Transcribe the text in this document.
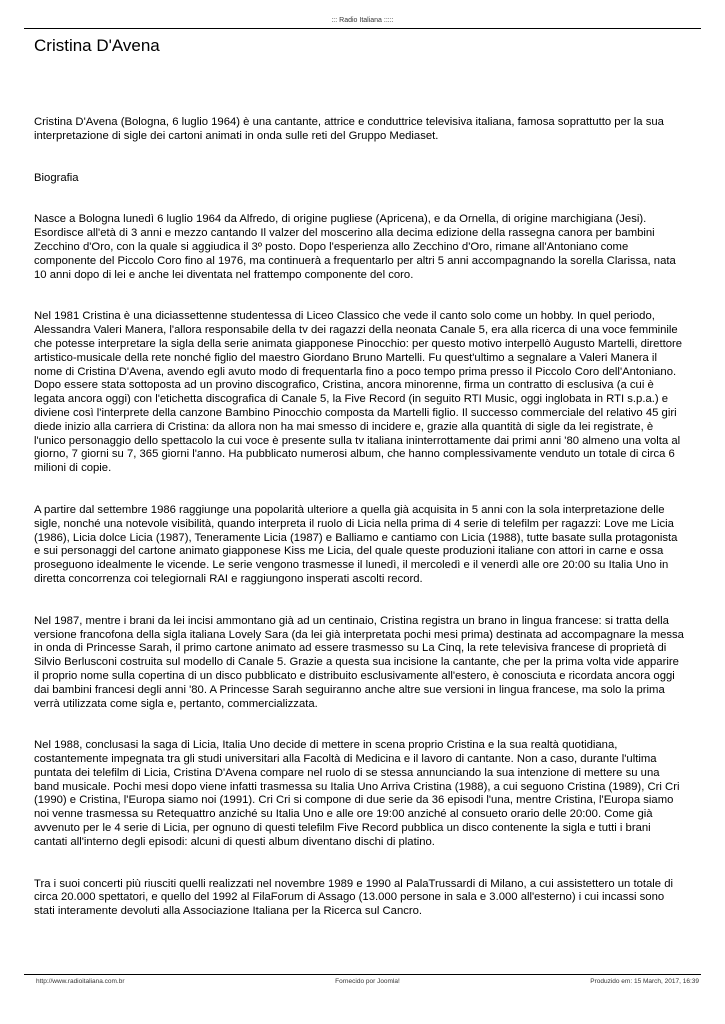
::: Radio Italiana :::::
Cristina D'Avena

Cristina D'Avena (Bologna, 6 luglio 1964) è una cantante, attrice e conduttrice televisiva italiana, famosa soprattutto per la sua interpretazione di sigle dei cartoni animati in onda sulle reti del Gruppo Mediaset.

Biografia

Nasce a Bologna lunedì 6 luglio 1964 da Alfredo, di origine pugliese (Apricena), e da Ornella, di origine marchigiana (Jesi). Esordisce all'età di 3 anni e mezzo cantando Il valzer del moscerino alla decima edizione della rassegna canora per bambini Zecchino d'Oro, con la quale si aggiudica il 3º posto. Dopo l'esperienza allo Zecchino d'Oro, rimane all'Antoniano come componente del Piccolo Coro fino al 1976, ma continuerà a frequentarlo per altri 5 anni accompagnando la sorella Clarissa, nata 10 anni dopo di lei e anche lei diventata nel frattempo componente del coro.

Nel 1981 Cristina è una diciassettenne studentessa di Liceo Classico che vede il canto solo come un hobby. In quel periodo, Alessandra Valeri Manera, l'allora responsabile della tv dei ragazzi della neonata Canale 5, era alla ricerca di una voce femminile che potesse interpretare la sigla della serie animata giapponese Pinocchio: per questo motivo interpellò Augusto Martelli, direttore artistico-musicale della rete nonché figlio del maestro Giordano Bruno Martelli. Fu quest'ultimo a segnalare a Valeri Manera il nome di Cristina D'Avena, avendo egli avuto modo di frequentarla fino a poco tempo prima presso il Piccolo Coro dell'Antoniano. Dopo essere stata sottoposta ad un provino discografico, Cristina, ancora minorenne, firma un contratto di esclusiva (a cui è legata ancora oggi) con l'etichetta discografica di Canale 5, la Five Record (in seguito RTI Music, oggi inglobata in RTI s.p.a.) e diviene così l'interprete della canzone Bambino Pinocchio composta da Martelli figlio. Il successo commerciale del relativo 45 giri diede inizio alla carriera di Cristina: da allora non ha mai smesso di incidere e, grazie alla quantità di sigle da lei registrate, è l'unico personaggio dello spettacolo la cui voce è presente sulla tv italiana ininterrottamente dai primi anni '80 almeno una volta al giorno, 7 giorni su 7, 365 giorni l'anno. Ha pubblicato numerosi album, che hanno complessivamente venduto un totale di circa 6 milioni di copie.

A partire dal settembre 1986 raggiunge una popolarità ulteriore a quella già acquisita in 5 anni con la sola interpretazione delle sigle, nonché una notevole visibilità, quando interpreta il ruolo di Licia nella prima di 4 serie di telefilm per ragazzi: Love me Licia (1986), Licia dolce Licia (1987), Teneramente Licia (1987) e Balliamo e cantiamo con Licia (1988), tutte basate sulla protagonista e sui personaggi del cartone animato giapponese Kiss me Licia, del quale queste produzioni italiane con attori in carne e ossa proseguono idealmente le vicende. Le serie vengono trasmesse il lunedì, il mercoledì e il venerdì alle ore 20:00 su Italia Uno in diretta concorrenza coi telegiornali RAI e raggiungono insperati ascolti record.

Nel 1987, mentre i brani da lei incisi ammontano già ad un centinaio, Cristina registra un brano in lingua francese: si tratta della versione francofona della sigla italiana Lovely Sara (da lei già interpretata pochi mesi prima) destinata ad accompagnare la messa in onda di Princesse Sarah, il primo cartone animato ad essere trasmesso su La Cinq, la rete televisiva francese di proprietà di Silvio Berlusconi costruita sul modello di Canale 5. Grazie a questa sua incisione la cantante, che per la prima volta vide apparire il proprio nome sulla copertina di un disco pubblicato e distribuito esclusivamente all'estero, è conosciuta e ricordata ancora oggi dai bambini francesi degli anni '80. A Princesse Sarah seguiranno anche altre sue versioni in lingua francese, ma solo la prima verrà utilizzata come sigla e, pertanto, commercializzata.

Nel 1988, conclusasi la saga di Licia, Italia Uno decide di mettere in scena proprio Cristina e la sua realtà quotidiana, costantemente impegnata tra gli studi universitari alla Facoltà di Medicina e il lavoro di cantante. Non a caso, durante l'ultima puntata dei telefilm di Licia, Cristina D'Avena compare nel ruolo di se stessa annunciando la sua intenzione di mettere su una band musicale. Pochi mesi dopo viene infatti trasmessa su Italia Uno Arriva Cristina (1988), a cui seguono Cristina (1989), Cri Cri (1990) e Cristina, l'Europa siamo noi (1991). Cri Cri si compone di due serie da 36 episodi l'una, mentre Cristina, l'Europa siamo noi venne trasmessa su Retequattro anziché su Italia Uno e alle ore 19:00 anziché al consueto orario delle 20:00. Come già avvenuto per le 4 serie di Licia, per ognuno di questi telefilm Five Record pubblica un disco contenente la sigla e tutti i brani cantati all'interno degli episodi: alcuni di questi album diventano dischi di platino.

Tra i suoi concerti più riusciti quelli realizzati nel novembre 1989 e 1990 al PalaTrussardi di Milano, a cui assistettero un totale di circa 20.000 spettatori, e quello del 1992 al FilaForum di Assago (13.000 persone in sala e 3.000 all'esterno) i cui incassi sono stati interamente devoluti alla Associazione Italiana per la Ricerca sul Cancro.

http://www.radioitaliana.com.br	Fornecido por Joomla!	Produzido em: 15 March, 2017, 16:39
